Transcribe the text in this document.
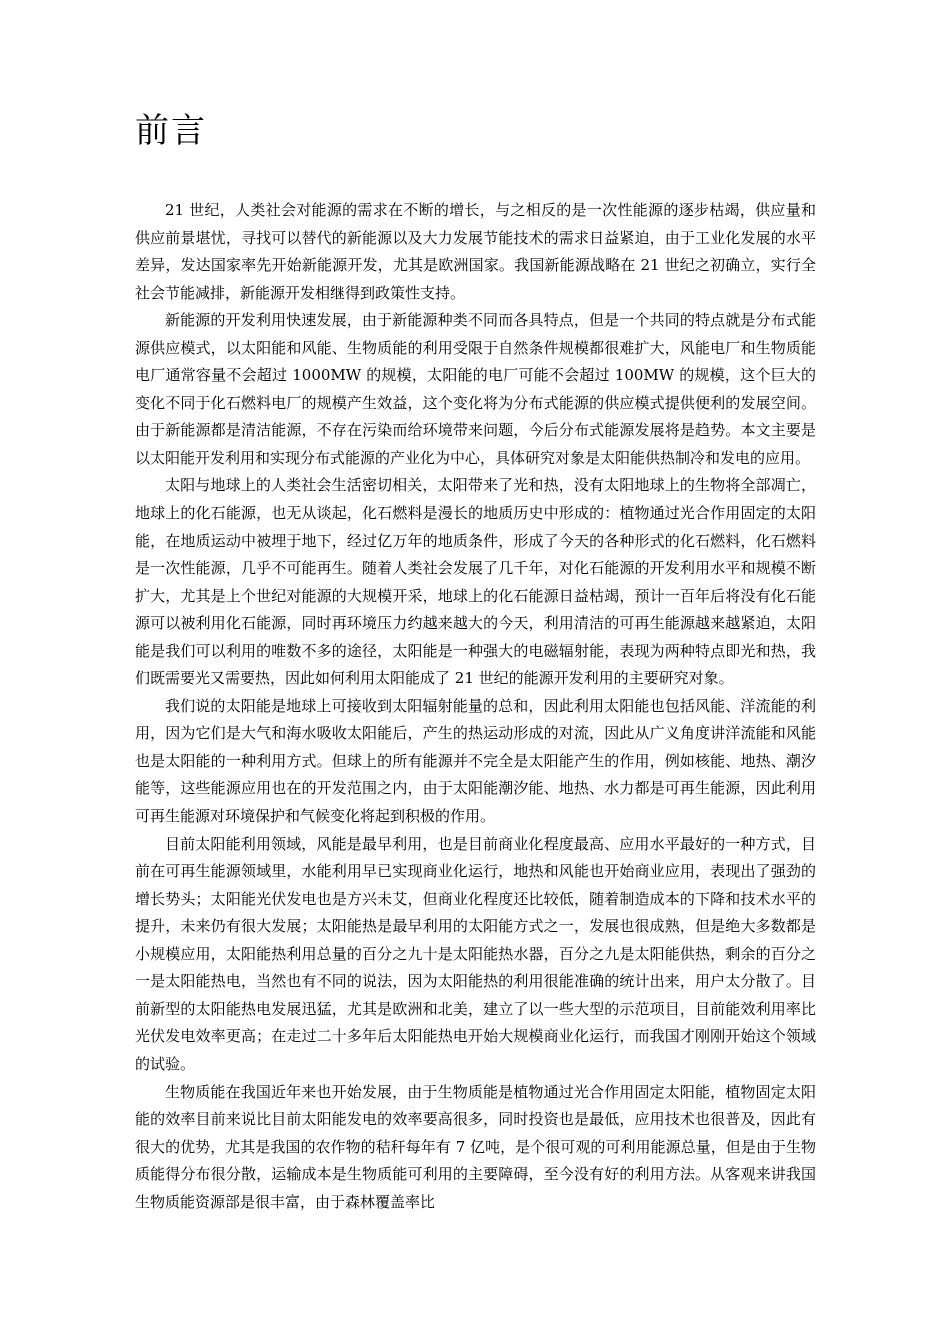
前言

21 世纪，人类社会对能源的需求在不断的增长，与之相反的是一次性能源的逐步枯竭，供应量和供应前景堪忧，寻找可以替代的新能源以及大力发展节能技术的需求日益紧迫，由于工业化发展的水平差异，发达国家率先开始新能源开发，尤其是欧洲国家。我国新能源战略在 21 世纪之初确立，实行全社会节能减排，新能源开发相继得到政策性支持。

新能源的开发利用快速发展，由于新能源种类不同而各具特点，但是一个共同的特点就是分布式能源供应模式，以太阳能和风能、生物质能的利用受限于自然条件规模都很难扩大，风能电厂和生物质能电厂通常容量不会超过 1000MW 的规模，太阳能的电厂可能不会超过 100MW 的规模，这个巨大的变化不同于化石燃料电厂的规模产生效益，这个变化将为分布式能源的供应模式提供便利的发展空间。由于新能源都是清洁能源，不存在污染而给环境带来问题，今后分布式能源发展将是趋势。本文主要是以太阳能开发利用和实现分布式能源的产业化为中心，具体研究对象是太阳能供热制冷和发电的应用。

太阳与地球上的人类社会生活密切相关，太阳带来了光和热，没有太阳地球上的生物将全部凋亡，地球上的化石能源，也无从谈起，化石燃料是漫长的地质历史中形成的：植物通过光合作用固定的太阳能，在地质运动中被埋于地下，经过亿万年的地质条件，形成了今天的各种形式的化石燃料，化石燃料是一次性能源，几乎不可能再生。随着人类社会发展了几千年，对化石能源的开发利用水平和规模不断扩大，尤其是上个世纪对能源的大规模开采，地球上的化石能源日益枯竭，预计一百年后将没有化石能源可以被利用化石能源，同时再环境压力约越来越大的今天，利用清洁的可再生能源越来越紧迫，太阳能是我们可以利用的唯数不多的途径，太阳能是一种强大的电磁辐射能，表现为两种特点即光和热，我们既需要光又需要热，因此如何利用太阳能成了 21 世纪的能源开发利用的主要研究对象。

我们说的太阳能是地球上可接收到太阳辐射能量的总和，因此利用太阳能也包括风能、洋流能的利用，因为它们是大气和海水吸收太阳能后，产生的热运动形成的对流，因此从广义角度讲洋流能和风能也是太阳能的一种利用方式。但球上的所有能源并不完全是太阳能产生的作用，例如核能、地热、潮汐能等，这些能源应用也在的开发范围之内，由于太阳能潮汐能、地热、水力都是可再生能源，因此利用可再生能源对环境保护和气候变化将起到积极的作用。

目前太阳能利用领域，风能是最早利用，也是目前商业化程度最高、应用水平最好的一种方式，目前在可再生能源领域里，水能利用早已实现商业化运行，地热和风能也开始商业应用，表现出了强劲的增长势头；太阳能光伏发电也是方兴未艾，但商业化程度还比较低，随着制造成本的下降和技术水平的提升，未来仍有很大发展；太阳能热是最早利用的太阳能方式之一，发展也很成熟，但是绝大多数都是小规模应用，太阳能热利用总量的百分之九十是太阳能热水器，百分之九是太阳能供热，剩余的百分之一是太阳能热电，当然也有不同的说法，因为太阳能热的利用很能准确的统计出来，用户太分散了。目前新型的太阳能热电发展迅猛，尤其是欧洲和北美，建立了以一些大型的示范项目，目前能效利用率比光伏发电效率更高；在走过二十多年后太阳能热电开始大规模商业化运行，而我国才刚刚开始这个领域的试验。

生物质能在我国近年来也开始发展，由于生物质能是植物通过光合作用固定太阳能，植物固定太阳能的效率目前来说比目前太阳能发电的效率要高很多，同时投资也是最低，应用技术也很普及，因此有很大的优势，尤其是我国的农作物的秸秆每年有 7 亿吨，是个很可观的可利用能源总量，但是由于生物质能得分布很分散，运输成本是生物质能可利用的主要障碍，至今没有好的利用方法。从客观来讲我国生物质能资源部是很丰富，由于森林覆盖率比
